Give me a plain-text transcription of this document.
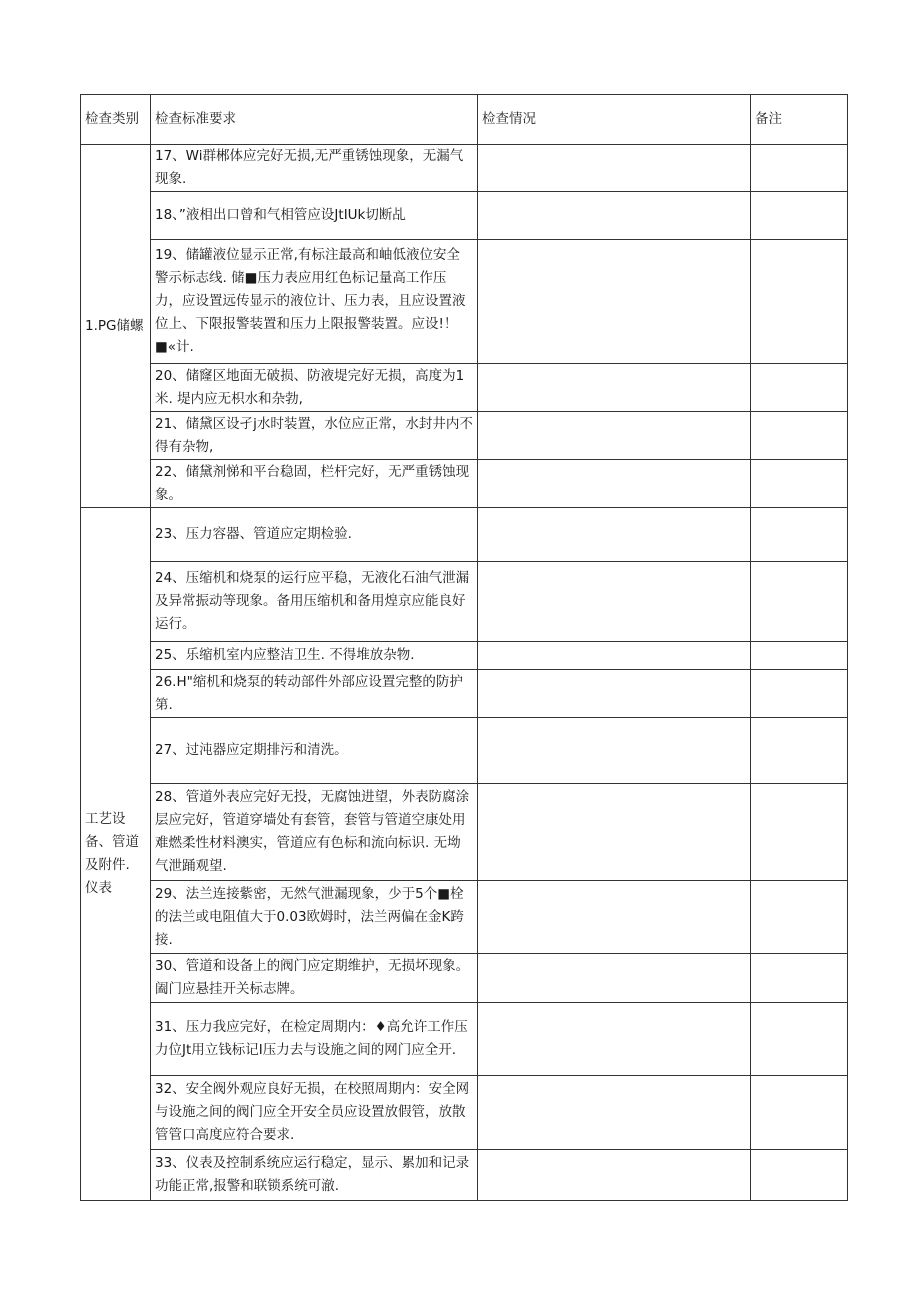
检查类别	检查标准要求	检查情况	备注
1.PG储螺	17、Wi群郴体应完好无损,无严重锈蚀现象，无漏气现象.		
	18、”液相出口曾和气相管应设JtIUk切断乩		
	19、储罐液位显示正常,有标注最高和岫低液位安全警示标志线. 储■压力表应用红色标记量高工作压力，应设置远传显示的液位计、压力表，且应设置液位上、下限报警装置和压力上限报警装置。应设!！■«计.		
	20、储窿区地面无破损、防液堤完好无损，高度为1米. 堤内应无枳水和杂勃,		
	21、储黛区设孑j水时装置，水位应正常，水封井内不得有杂物,		
	22、储黛剂悌和平台稳固，栏杆完好，无严重锈蚀现象。		
工艺设备、管道及附件. 仪表	23、压力容器、管道应定期检验.		
	24、压缩机和烧泵的运行应平稳，无液化石油气泄漏及异常振动等现象。备用压缩机和备用煌京应能良好运行。		
	25、乐缩机室内应整洁卫生. 不得堆放杂物.		
	26.H"缩机和烧泵的转动部件外部应设置完整的防护第.		
	27、过沌器应定期排污和清洗。		
	28、管道外表应完好无投，无腐蚀进望，外表防腐涂层应完好，管道穿墙处有套管，套管与管道空康处用难燃柔性材料澳实，管道应有色标和流向标识. 无坳气泄踊观望.		
	29、法兰连接紫密，无然气泄漏现象，少于5个■栓的法兰或电阻值大于0.03欧姆时，法兰两偏在金K跨接.		
	30、管道和设备上的阀门应定期维护，无损坏现象。阖门应悬挂开关标志牌。		
	31、压力我应完好，在检定周期内：♦高允许工作压力位Jt用立钱标记I压力去与设施之间的网门应全开.		
	32、安全阀外观应良好无损，在校照周期内：安全网与设施之间的阀门应全开安全员应设置放假管，放散管管口高度应符合要求.		
	33、仪表及控制系统应运行稳定，显示、累加和记录功能正常,报警和联锁系统可澈.		
